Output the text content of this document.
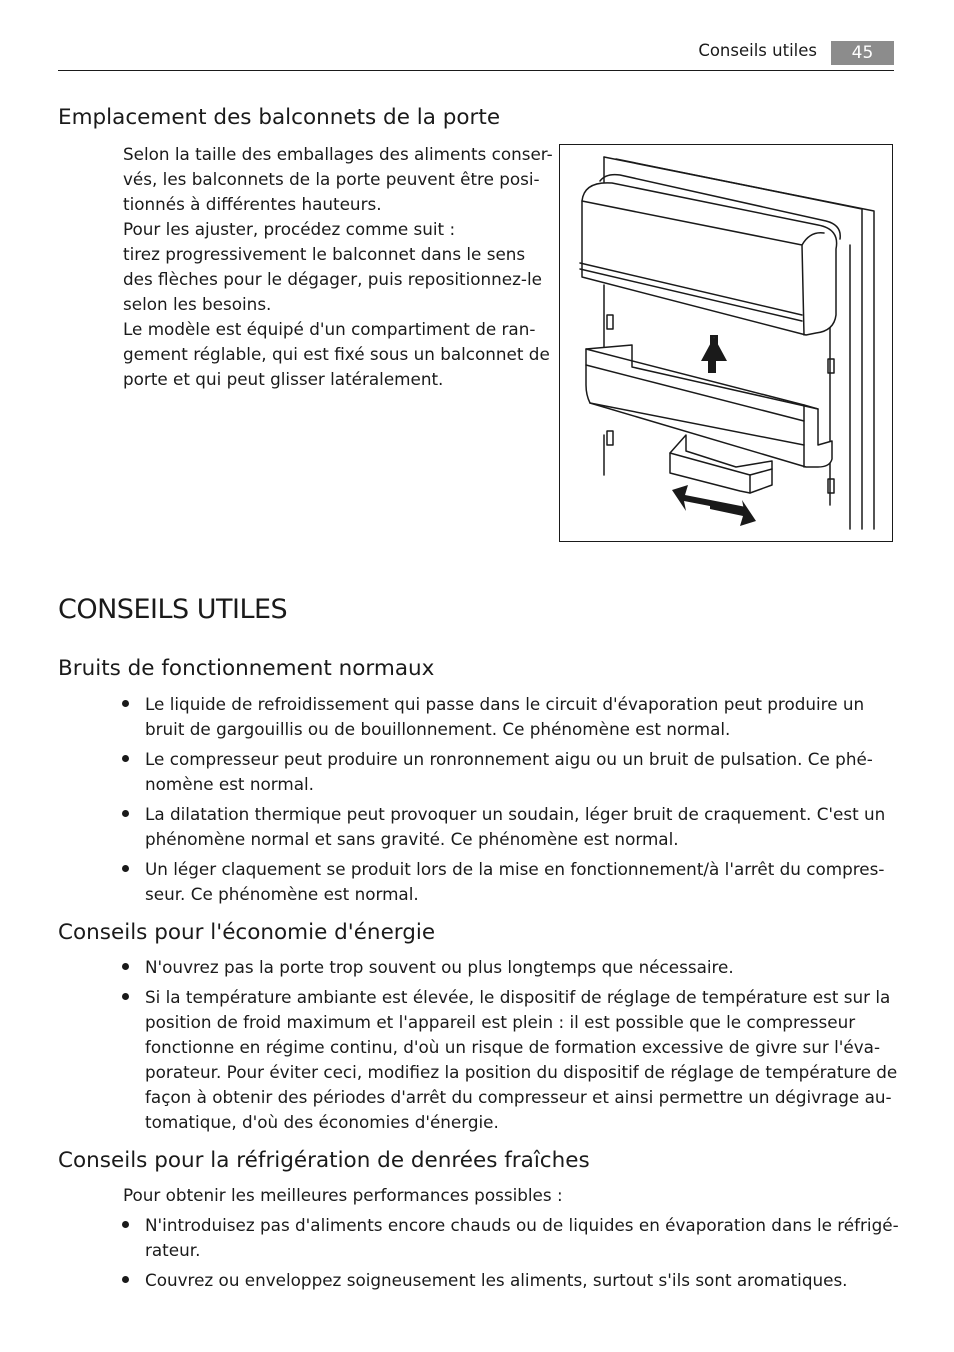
Conseils utiles	45
Emplacement des balconnets de la porte
Selon la taille des emballages des aliments conser-
vés, les balconnets de la porte peuvent être posi-
tionnés à différentes hauteurs.
Pour les ajuster, procédez comme suit :
tirez progressivement le balconnet dans le sens
des flèches pour le dégager, puis repositionnez-le
selon les besoins.
Le modèle est équipé d'un compartiment de ran-
gement réglable, qui est fixé sous un balconnet de
porte et qui peut glisser latéralement.
CONSEILS UTILES
Bruits de fonctionnement normaux
Le liquide de refroidissement qui passe dans le circuit d'évaporation peut produire un
bruit de gargouillis ou de bouillonnement. Ce phénomène est normal.
Le compresseur peut produire un ronronnement aigu ou un bruit de pulsation. Ce phé-
nomène est normal.
La dilatation thermique peut provoquer un soudain, léger bruit de craquement. C'est un
phénomène normal et sans gravité. Ce phénomène est normal.
Un léger claquement se produit lors de la mise en fonctionnement/à l'arrêt du compres-
seur. Ce phénomène est normal.
Conseils pour l'économie d'énergie
N'ouvrez pas la porte trop souvent ou plus longtemps que nécessaire.
Si la température ambiante est élevée, le dispositif de réglage de température est sur la
position de froid maximum et l'appareil est plein : il est possible que le compresseur
fonctionne en régime continu, d'où un risque de formation excessive de givre sur l'éva-
porateur. Pour éviter ceci, modifiez la position du dispositif de réglage de température de
façon à obtenir des périodes d'arrêt du compresseur et ainsi permettre un dégivrage au-
tomatique, d'où des économies d'énergie.
Conseils pour la réfrigération de denrées fraîches
Pour obtenir les meilleures performances possibles :
N'introduisez pas d'aliments encore chauds ou de liquides en évaporation dans le réfrigé-
rateur.
Couvrez ou enveloppez soigneusement les aliments, surtout s'ils sont aromatiques.
